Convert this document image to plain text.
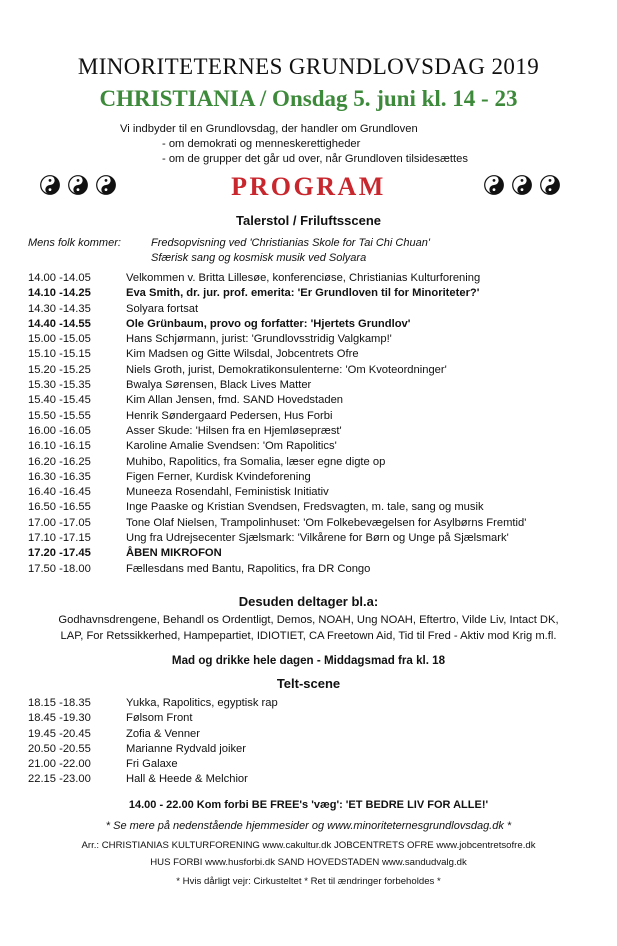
MINORITETERNES GRUNDLOVSDAG 2019
CHRISTIANIA / Onsdag 5. juni kl. 14 - 23
Vi indbyder til en Grundlovsdag, der handler om Grundloven
- om demokrati og menneskerettigheder
- om de grupper det går ud over, når Grundloven tilsidesættes
PROGRAM
Talerstol / Friluftsscene
Mens folk kommer:	Fredsopvisning ved 'Christianias Skole for Tai Chi Chuan'
Sfærisk sang og kosmisk musik ved Solyara
14.00 -14.05	Velkommen v. Britta Lillesøe, konferenciøse, Christianias Kulturforening
14.10 -14.25	Eva Smith, dr. jur. prof. emerita: 'Er Grundloven til for Minoriteter?'
14.30 -14.35	Solyara fortsat
14.40 -14.55	Ole Grünbaum, provo og forfatter: 'Hjertets Grundlov'
15.00 -15.05	Hans Schjørmann, jurist: 'Grundlovsstridig Valgkamp!'
15.10 -15.15	Kim Madsen og Gitte Wilsdal, Jobcentrets Ofre
15.20 -15.25	Niels Groth, jurist, Demokratikonsulenterne: 'Om Kvoteordninger'
15.30 -15.35	Bwalya Sørensen, Black Lives Matter
15.40 -15.45	Kim Allan Jensen, fmd. SAND Hovedstaden
15.50 -15.55	Henrik Søndergaard Pedersen, Hus Forbi
16.00 -16.05	Asser Skude: 'Hilsen fra en Hjemløsepræst'
16.10 -16.15	Karoline Amalie Svendsen: 'Om Rapolitics'
16.20 -16.25	Muhibo, Rapolitics, fra Somalia, læser egne digte op
16.30 -16.35	Figen Ferner, Kurdisk Kvindeforening
16.40 -16.45	Muneeza Rosendahl, Feministisk Initiativ
16.50 -16.55	Inge Paaske og Kristian Svendsen, Fredsvagten, m. tale, sang og musik
17.00 -17.05	Tone Olaf Nielsen, Trampolinhuset: 'Om Folkebevægelsen for Asylbørns Fremtid'
17.10 -17.15	Ung fra Udrejsecenter Sjælsmark: 'Vilkårene for Børn og Unge på Sjælsmark'
17.20 -17.45	ÅBEN MIKROFON
17.50 -18.00	Fællesdans med Bantu, Rapolitics, fra DR Congo
Desuden deltager bl.a:
Godhavnsdrengene, Behandl os Ordentligt, Demos, NOAH, Ung NOAH, Eftertro, Vilde Liv, Intact DK,
LAP, For Retssikkerhed, Hampepartiet, IDIOTIET, CA Freetown Aid, Tid til Fred - Aktiv mod Krig m.fl.
Mad og drikke hele dagen - Middagsmad fra kl. 18
Telt-scene
18.15 -18.35	Yukka, Rapolitics, egyptisk rap
18.45 -19.30	Følsom Front
19.45 -20.45	Zofia & Venner
20.50 -20.55	Marianne Rydvald joiker
21.00 -22.00	Fri Galaxe
22.15 -23.00	Hall & Heede & Melchior
14.00 - 22.00 Kom forbi BE FREE's 'væg': 'ET BEDRE LIV FOR ALLE!'
* Se mere på nedenstående hjemmesider og www.minoriteternesgrundlovsdag.dk *
Arr.: CHRISTIANIAS KULTURFORENING www.cakultur.dk JOBCENTRETS OFRE www.jobcentretsofre.dk
HUS FORBI www.husforbi.dk SAND HOVEDSTADEN www.sandudvalg.dk
* Hvis dårligt vejr: Cirkusteltet * Ret til ændringer forbeholdes *
